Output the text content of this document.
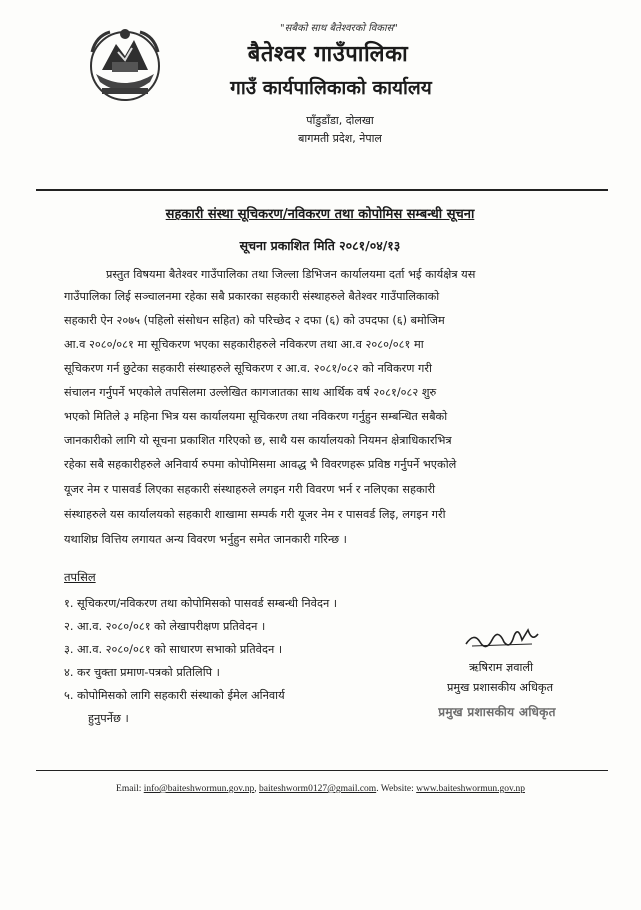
"सबैको साथ बैतेश्वरको विकास"
बैतेश्वर गाउँपालिका
गाउँ कार्यपालिकाको कार्यालय
पाँडुडाँडा, दोलखा
बागमती प्रदेश, नेपाल
सहकारी संस्था सूचिकरण/नविकरण तथा कोपोमिस सम्बन्धी सूचना
सूचना प्रकाशित मिति २०८१/०४/१३
प्रस्तुत विषयमा बैतेश्वर गाउँपालिका तथा जिल्ला डिभिजन कार्यालयमा दर्ता भई कार्यक्षेत्र यस
गाउँपालिका लिई सञ्चालनमा रहेका सबै प्रकारका सहकारी संस्थाहरुले बैतेश्वर गाउँपालिकाको
सहकारी ऐन २०७५ (पहिलो संसोधन सहित) को परिच्छेद २ दफा (६) को उपदफा (६) बमोजिम
आ.व २०८०/०८१ मा सूचिकरण भएका सहकारीहरुले नविकरण तथा आ.व २०८०/०८१ मा
सूचिकरण गर्न छुटेका सहकारी संस्थाहरुले सूचिकरण र आ.व. २०८१/०८२ को नविकरण गरी
संचालन गर्नुपर्ने भएकोले तपसिलमा उल्लेखित कागजातका साथ आर्थिक वर्ष २०८१/०८२ शुरु
भएको मितिले ३ महिना भित्र यस कार्यालयमा सूचिकरण तथा नविकरण गर्नुहुन सम्बन्धित सबैको
जानकारीको लागि यो सूचना प्रकाशित गरिएको छ, साथै यस कार्यालयको नियमन क्षेत्राधिकारभित्र
रहेका सबै सहकारीहरुले अनिवार्य रुपमा कोपोमिसमा आवद्ध भै विवरणहरू प्रविष्ठ गर्नुपर्ने भएकोले
यूजर नेम र पासवर्ड लिएका सहकारी संस्थाहरुले लगइन गरी विवरण भर्न र नलिएका सहकारी
संस्थाहरुले यस कार्यालयको सहकारी शाखामा सम्पर्क गरी यूजर नेम र पासवर्ड लिइ, लगइन गरी
यथाशिघ्र वित्तिय लगायत अन्य विवरण भर्नुहुन समेत जानकारी गरिन्छ ।
तपसिल
१. सूचिकरण/नविकरण तथा कोपोमिसको पासवर्ड सम्बन्धी निवेदन ।
२. आ.व. २०८०/०८१ को लेखापरीक्षण प्रतिवेदन ।
३. आ.व. २०८०/०८१ को साधारण सभाको प्रतिवेदन ।
४. कर चुक्ता प्रमाण-पत्रको प्रतिलिपि ।
५. कोपोमिसको लागि सहकारी संस्थाको ईमेल अनिवार्य
हुनुपर्नेछ ।
ऋषिराम ज्ञवाली
प्रमुख प्रशासकीय अधिकृत
प्रमुख प्रशासकीय अधिकृत
Email: info@baiteshwormun.gov.np, baiteshworm0127@gmail.com. Website: www.baiteshwormun.gov.np
